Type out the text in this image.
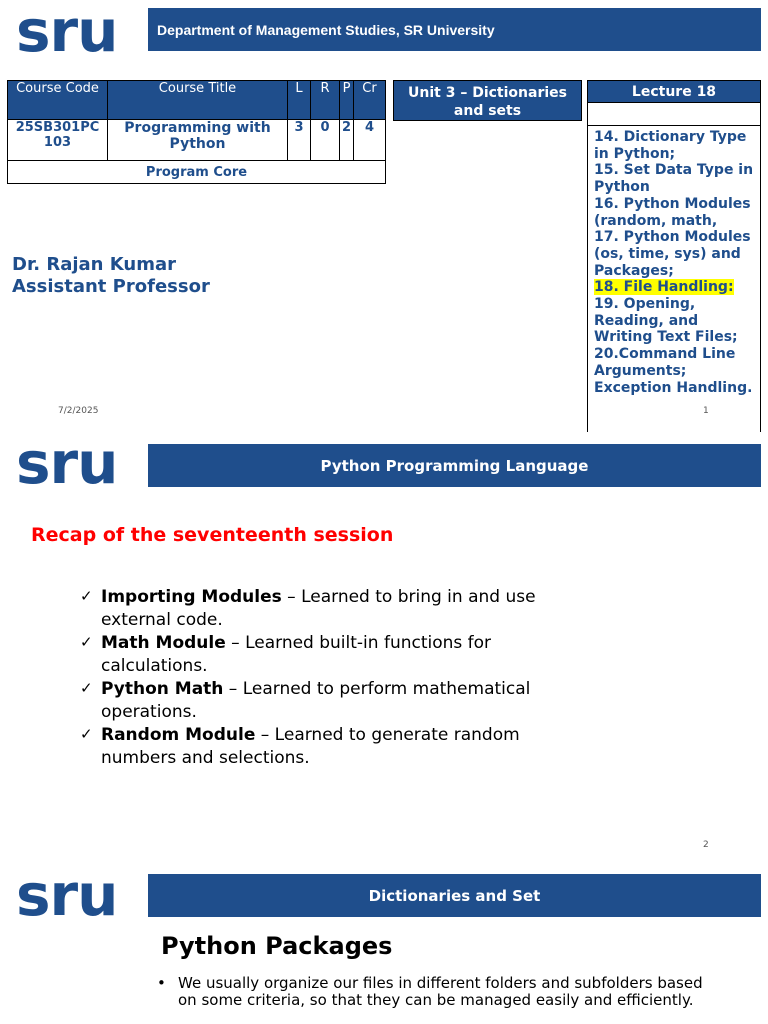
sru	Department of Management Studies, SR University
Course Code	Course Title	L	R	P	Cr
25SB301PC 103	Programming with Python	3	0	2	4
Program Core					
Unit 3 – Dictionaries and sets
Lecture 18
14. Dictionary Type in Python;
15. Set Data Type in Python
16. Python Modules (random, math,
17. Python Modules (os, time, sys) and Packages;
18. File Handling:
19. Opening, Reading, and Writing Text Files;
20.Command Line Arguments; Exception Handling.
Dr. Rajan Kumar
Assistant Professor
7/2/2025	1
sru	Python Programming Language
Recap of the seventeenth session
✓ Importing Modules – Learned to bring in and use external code.
✓ Math Module – Learned built-in functions for calculations.
✓ Python Math – Learned to perform mathematical operations.
✓ Random Module – Learned to generate random numbers and selections.
2
sru	Dictionaries and Set
Python Packages
• We usually organize our files in different folders and subfolders based on some criteria, so that they can be managed easily and efficiently.
